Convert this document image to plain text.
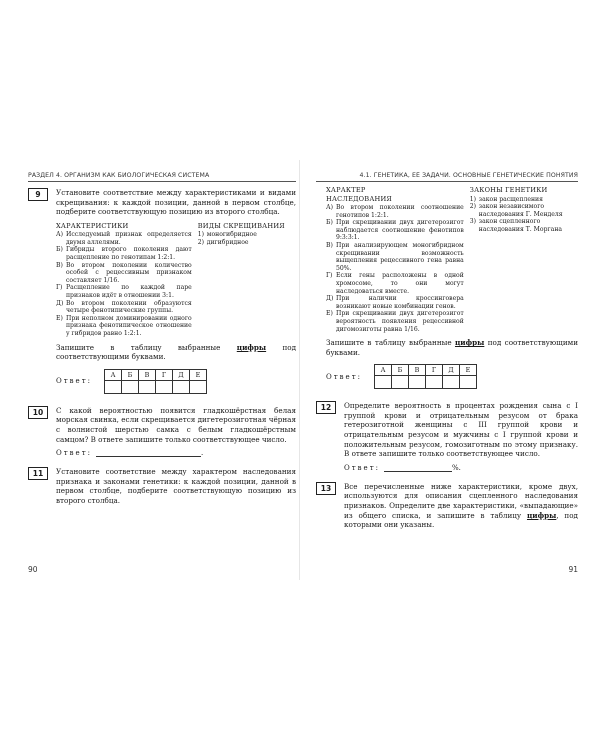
РАЗДЕЛ 4. ОРГАНИЗМ КАК БИОЛОГИЧЕСКАЯ СИСТЕМА
9	Установите соответствие между характеристиками и видами скрещивания: к каждой позиции, данной в первом столбце, подберите соответствующую позицию из второго столбца.

ХАРАКТЕРИСТИКИ
А) Исследуемый признак определяется двумя аллелями.
Б) Гибриды второго поколения дают расщепление по генотипам 1:2:1.
В) Во втором поколении количество особей с рецессивным признаком составляет 1/16.
Г) Расщепление по каждой паре признаков идёт в отношении 3:1.
Д) Во втором поколении образуются четыре фенотипические группы.
Е) При неполном доминировании одного признака фенотипическое отношение у гибридов равно 1:2:1.
ВИДЫ СКРЕЩИВАНИЯ
1) моногибридное
2) дигибридное

Запишите в таблицу выбранные цифры под соответствующими буквами.

Ответ:
А	Б	В	Г	Д	Е

10	С какой вероятностью появится гладкошёрстная белая морская свинка, если скрещивается дигетерозиготная чёрная с волнистой шерстью самка с белым гладкошёрстным самцом? В ответе запишите только соответствующее число.

Ответ:	.
11	Установите соответствие между характером наследования признака и законами генетики: к каждой позиции, данной в первом столбце, подберите соответствующую позицию из второго столбца.

90
4.1. ГЕНЕТИКА, ЕЁ ЗАДАЧИ. ОСНОВНЫЕ ГЕНЕТИЧЕСКИЕ ПОНЯТИЯ
ХАРАКТЕР НАСЛЕДОВАНИЯ
А) Во втором поколении соотношение генотипов 1:2:1.
Б) При скрещивании двух дигетерозигот наблюдается соотношение фенотипов 9:3:3:1.
В) При анализирующем моногибридном скрещивании возможность выщепления рецессивного гена равна 50%.
Г) Если гены расположены в одной хромосоме, то они могут наследоваться вместе.
Д) При наличии кроссинговера возникают новые комбинации генов.
Е) При скрещивании двух дигетерозигот вероятность появления рецессивной дигомозиготы равна 1/16.
ЗАКОНЫ ГЕНЕТИКИ
1) закон расщепления
2) закон независимого наследования Г. Менделя
3) закон сцепленного наследования Т. Моргана

Запишите в таблицу выбранные цифры под соответствующими буквами.

Ответ:
А	Б	В	Г	Д	Е

12	Определите вероятность в процентах рождения сына с I группой крови и отрицательным резусом от брака гетерозиготной женщины с III группой крови и отрицательным резусом и мужчины с I группой крови и положительным резусом, гомозиготным по этому признаку. В ответе запишите только соответствующее число.

Ответ:	%.
13	Все перечисленные ниже характеристики, кроме двух, используются для описания сцепленного наследования признаков. Определите две характеристики, «выпадающие» из общего списка, и запишите в таблицу цифры, под которыми они указаны.

91
